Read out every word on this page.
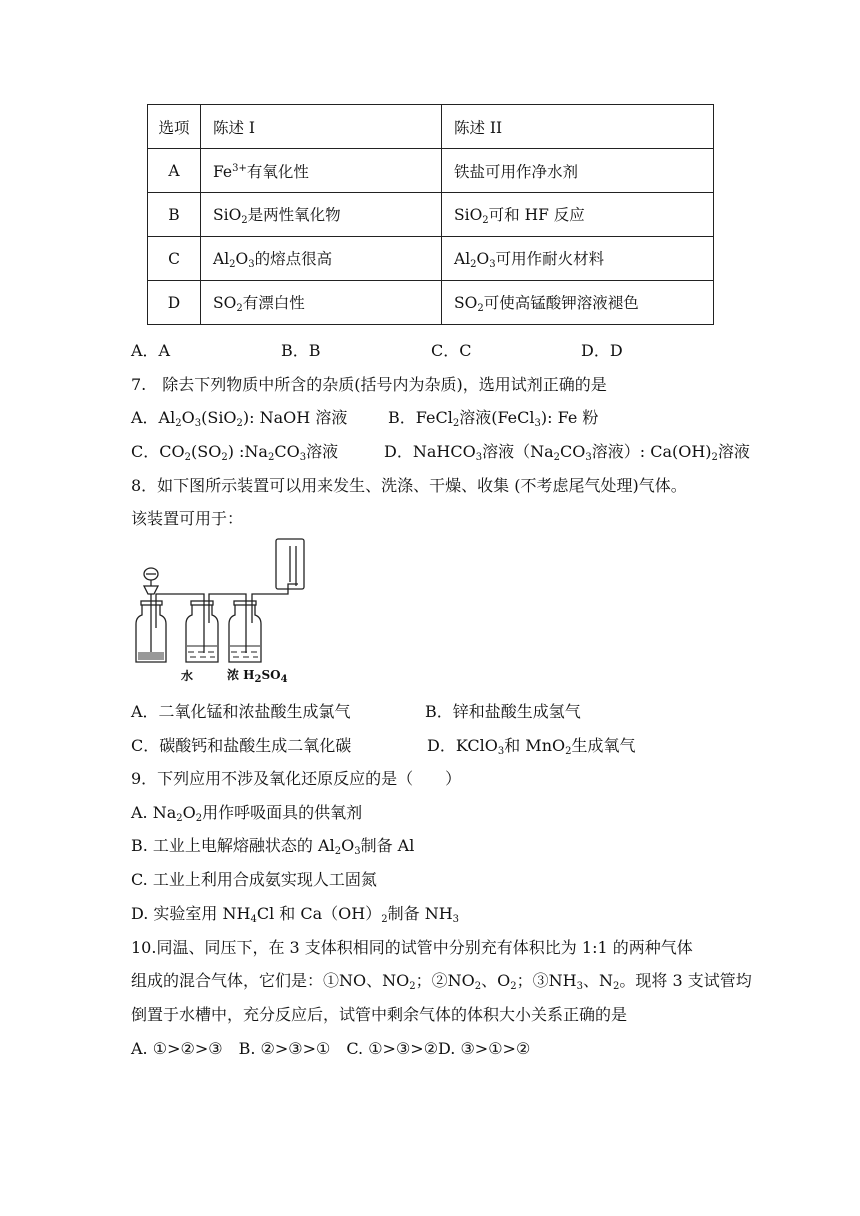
选项	陈述 I	陈述 II
A	$Fe^{3+}$有氧化性	铁盐可用作净水剂
B	SiO$_2$是两性氧化物	SiO$_2$可和 HF 反应
C	$Al_2O_3$的熔点很高	$Al_2O_3$可用作耐火材料
D	$SO_2$有漂白性	$SO_2$可使高锰酸钾溶液褪色
A．A	B．B	C．C	D．D
7.　除去下列物质中所含的杂质(括号内为杂质)，选用试剂正确的是
A．$Al_2O_3(SiO_2)$: NaOH 溶液	B．FeCl$_2$溶液(FeCl$_3$): Fe 粉
C．$CO_2(SO_2)$ $:Na_2CO_3$溶液	D．NaHCO$_3$溶液（$Na_2CO_3$溶液）: $Ca(OH)_2$溶液
8．如下图所示装置可以用来发生、洗涤、干燥、收集 (不考虑尾气处理)气体。
该装置可用于：
水	浓 $H_2SO_4$
A．二氧化锰和浓盐酸生成氯气	B．锌和盐酸生成氢气
C．碳酸钙和盐酸生成二氧化碳	D．KClO$_3$和 MnO$_2$生成氧气
9．下列应用不涉及氧化还原反应的是（　　）
A. $Na_2O_2$用作呼吸面具的供氧剂
B. 工业上电解熔融状态的 $Al_2O_3$制备 Al
C. 工业上利用合成氨实现人工固氮
D. 实验室用 $NH_4Cl$ 和 $Ca(OH)_2$制备 $NH_3$
10.同温、同压下，在 3 支体积相同的试管中分别充有体积比为 1:1 的两种气体
组成的混合气体，它们是：①NO、$NO_2$；$②NO_2$、$O_2$；$③NH_3$、$N_2$。现将 3 支试管均
倒置于水槽中，充分反应后，试管中剩余气体的体积大小关系正确的是
A. ①>②>③　B. ②>③>①　C. ①>③>②D. ③>①>②
